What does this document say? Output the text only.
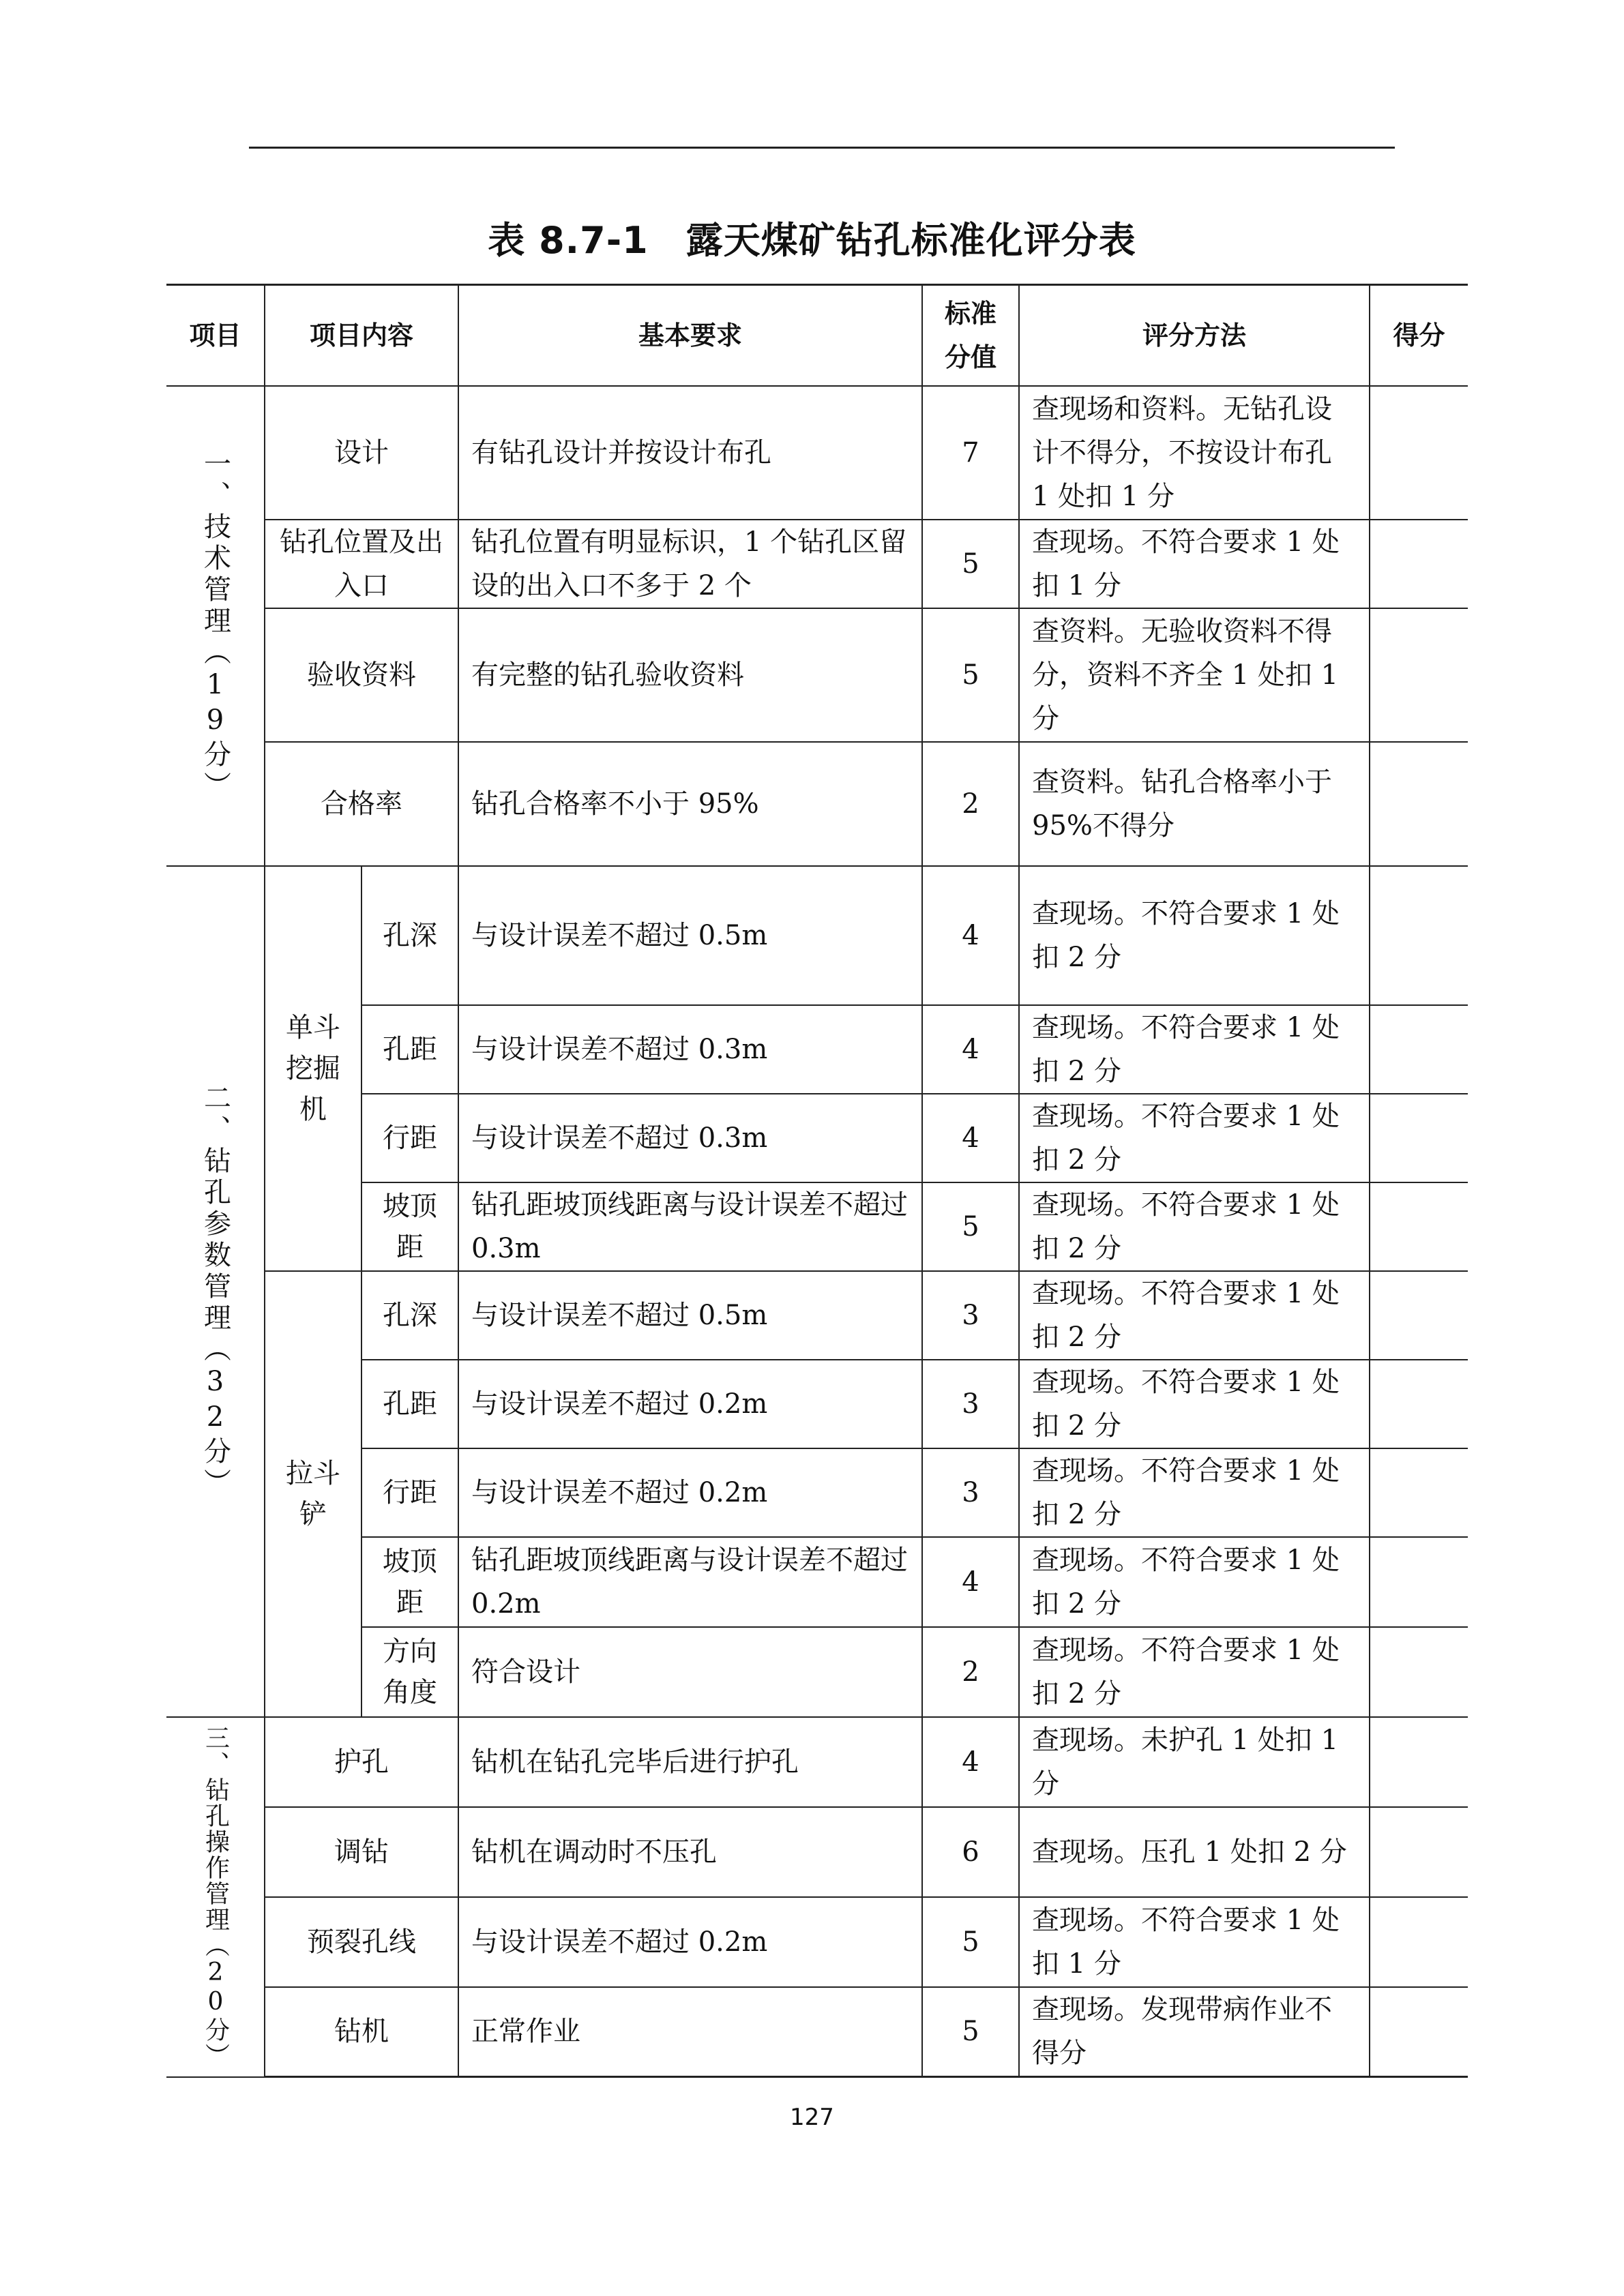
表 8.7-1　露天煤矿钻孔标准化评分表
项目	项目内容		基本要求	标准分值	评分方法	得分
一、技术管理（19分）	设计		有钻孔设计并按设计布孔	7	查现场和资料。无钻孔设计不得分，不按设计布孔 1 处扣 1 分	
	钻孔位置及出入口		钻孔位置有明显标识，1 个钻孔区留设的出入口不多于 2 个	5	查现场。不符合要求 1 处扣 1 分	
	验收资料		有完整的钻孔验收资料	5	查资料。无验收资料不得分，资料不齐全 1 处扣 1 分	
	合格率		钻孔合格率不小于 95%	2	查资料。钻孔合格率小于 95%不得分	
二、钻孔参数管理（32分）	单斗挖掘机	孔深	与设计误差不超过 0.5m	4	查现场。不符合要求 1 处扣 2 分	
		孔距	与设计误差不超过 0.3m	4	查现场。不符合要求 1 处扣 2 分	
		行距	与设计误差不超过 0.3m	4	查现场。不符合要求 1 处扣 2 分	
		坡顶距	钻孔距坡顶线距离与设计误差不超过 0.3m	5	查现场。不符合要求 1 处扣 2 分	
	拉斗铲	孔深	与设计误差不超过 0.5m	3	查现场。不符合要求 1 处扣 2 分	
		孔距	与设计误差不超过 0.2m	3	查现场。不符合要求 1 处扣 2 分	
		行距	与设计误差不超过 0.2m	3	查现场。不符合要求 1 处扣 2 分	
		坡顶距	钻孔距坡顶线距离与设计误差不超过 0.2m	4	查现场。不符合要求 1 处扣 2 分	
		方向角度	符合设计	2	查现场。不符合要求 1 处扣 2 分	
三、钻孔操作管理（20分）	护孔		钻机在钻孔完毕后进行护孔	4	查现场。未护孔 1 处扣 1 分	
	调钻		钻机在调动时不压孔	6	查现场。压孔 1 处扣 2 分	
	预裂孔线		与设计误差不超过 0.2m	5	查现场。不符合要求 1 处扣 1 分	
	钻机		正常作业	5	查现场。发现带病作业不得分	
127
